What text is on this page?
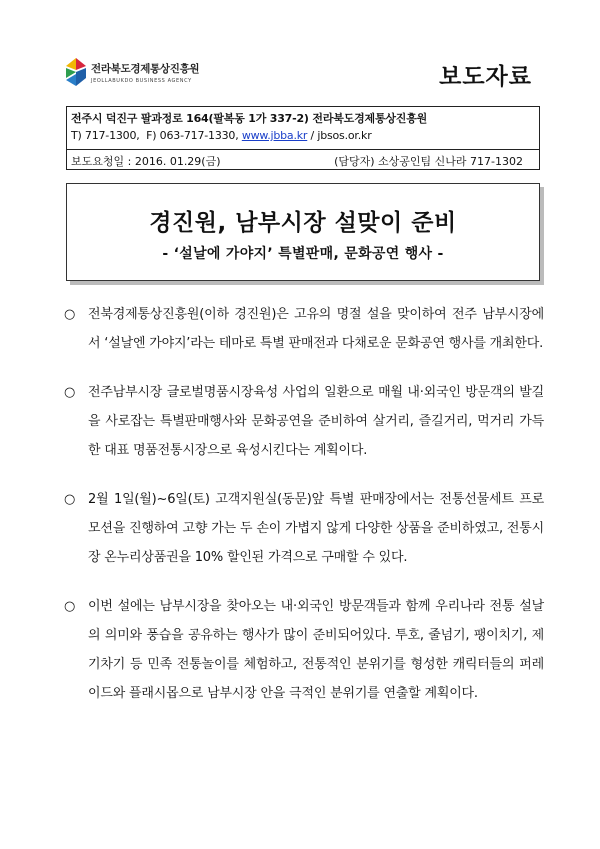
전라북도경제통상진흥원
JEOLLABUKDO BUSINESS AGENCY	보도자료
전주시 덕진구 팔과정로 164(팔복동 1가 337-2) 전라북도경제통상진흥원
T) 717-1300, F) 063-717-1330, www.jbba.kr / jbsos.or.kr
보도요청일 : 2016. 01.29(금)	(담당자) 소상공인팀 신나라 717-1302
경진원, 남부시장 설맞이 준비
- ‘설날에 가야지’ 특별판매, 문화공연 행사 -
○ 전북경제통상진흥원(이하 경진원)은 고유의 명절 설을 맞이하여 전주 남부시장에서 ‘설날엔 가야지’라는 테마로 특별 판매전과 다채로운 문화공연 행사를 개최한다.
○ 전주남부시장 글로벌명품시장육성 사업의 일환으로 매월 내·외국인 방문객의 발길을 사로잡는 특별판매행사와 문화공연을 준비하여 살거리, 즐길거리, 먹거리 가득한 대표 명품전통시장으로 육성시킨다는 계획이다.
○ 2월 1일(월)~6일(토) 고객지원실(동문)앞 특별 판매장에서는 전통선물세트 프로모션을 진행하여 고향 가는 두 손이 가볍지 않게 다양한 상품을 준비하였고, 전통시장 온누리상품권을 10% 할인된 가격으로 구매할 수 있다.
○ 이번 설에는 남부시장을 찾아오는 내·외국인 방문객들과 함께 우리나라 전통 설날의 의미와 풍습을 공유하는 행사가 많이 준비되어있다. 투호, 줄넘기, 팽이치기, 제기차기 등 민족 전통놀이를 체험하고, 전통적인 분위기를 형성한 캐릭터들의 퍼레이드와 플래시몹으로 남부시장 안을 극적인 분위기를 연출할 계획이다.
